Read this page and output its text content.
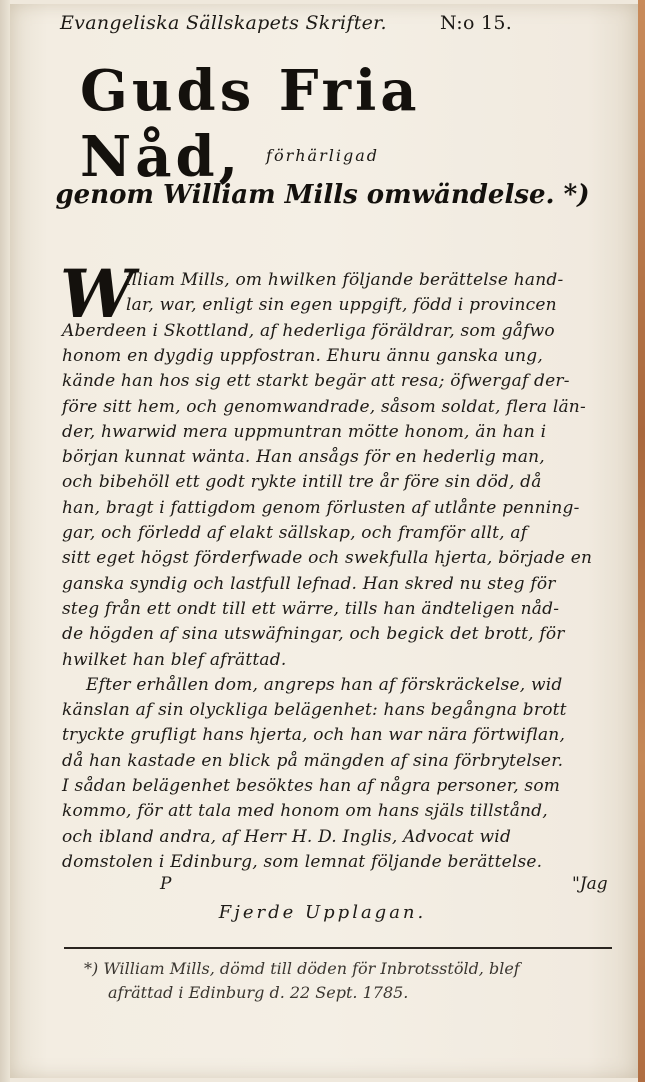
Evangeliska Sällskapets Skrifter.	N:o 15.
Guds Fria Nåd,	förhärligad
genom William Mills omwändelse. *)
W
illiam Mills, om hwilken följande berättelse hand-
lar, war, enligt sin egen uppgift, född i provincen
Aberdeen i Skottland, af hederliga föräldrar, som gåfwo
honom en dygdig uppfostran. Ehuru ännu ganska ung,
kände han hos sig ett starkt begär att resa; öfwergaf der-
före sitt hem, och genomwandrade, såsom soldat, flera län-
der, hwarwid mera uppmuntran mötte honom, än han i
början kunnat wänta. Han ansågs för en hederlig man,
och bibehöll ett godt rykte intill tre år före sin död, då
han, bragt i fattigdom genom förlusten af utlånte penning-
gar, och förledd af elakt sällskap, och framför allt, af
sitt eget högst förderfwade och swekfulla hjerta, började en
ganska syndig och lastfull lefnad. Han skred nu steg för
steg från ett ondt till ett wärre, tills han ändteligen nåd-
de högden af sina utswäfningar, och begick det brott, för
hwilket han blef afrättad.
Efter erhållen dom, angreps han af förskräckelse, wid
känslan af sin olyckliga belägenhet: hans begångna brott
tryckte grufligt hans hjerta, och han war nära förtwiflan,
då han kastade en blick på mängden af sina förbrytelser.
I sådan belägenhet besöktes han af några personer, som
kommo, för att tala med honom om hans själs tillstånd,
och ibland andra, af Herr H. D. Inglis, Advocat wid
domstolen i Edinburg, som lemnat följande berättelse.
P	"Jag
Fjerde Upplagan.
*) William Mills, dömd till döden för Inbrotsstöld, blef
afrättad i Edinburg d. 22 Sept. 1785.
